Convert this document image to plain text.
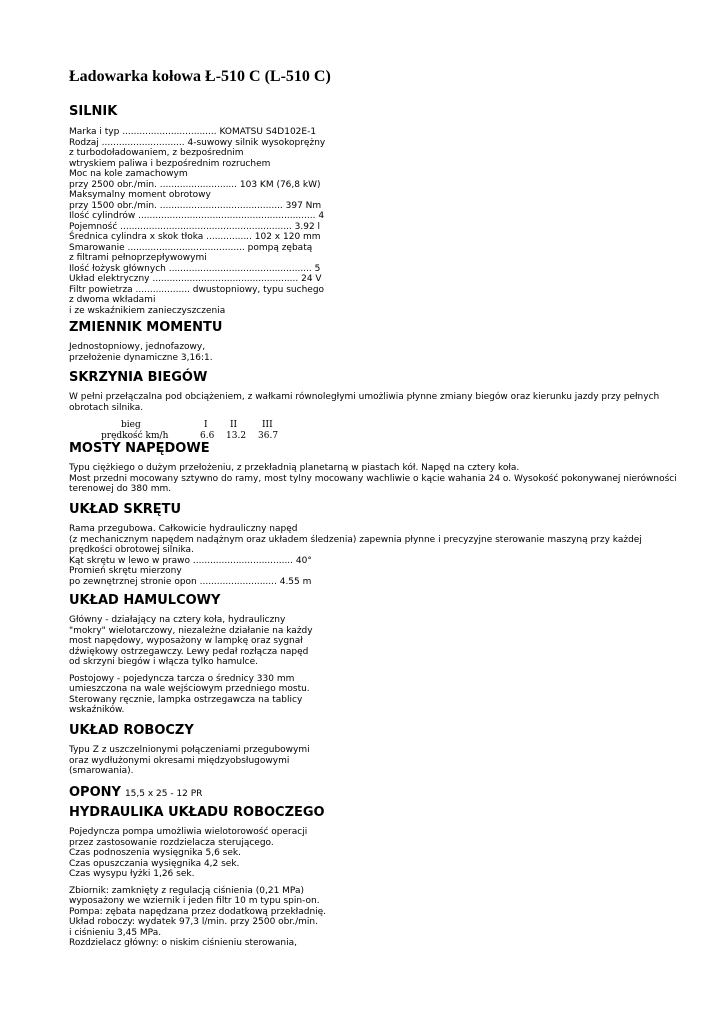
Ładowarka kołowa Ł-510 C (L-510 C)
SILNIK
Marka i typ ................................. KOMATSU S4D102E-1
Rodzaj ............................. 4-suwowy silnik wysokoprężny
z turbodoładowaniem, z bezpośrednim
wtryskiem paliwa i bezpośrednim rozruchem
Moc na kole zamachowym
przy 2500 obr./min. ........................... 103 KM (76,8 kW)
Maksymalny moment obrotowy
przy 1500 obr./min. ........................................... 397 Nm
Ilość cylindrów .............................................................. 4
Pojemność ............................................................ 3.92 l
Średnica cylindra x skok tłoka ................ 102 x 120 mm
Smarowanie ......................................... pompą zębatą
z filtrami pełnoprzepływowymi
Ilość łożysk głównych .................................................. 5
Układ elektryczny ................................................... 24 V
Filtr powietrza ................... dwustopniowy, typu suchego
z dwoma wkładami
i ze wskaźnikiem zanieczyszczenia
ZMIENNIK MOMENTU
Jednostopniowy, jednofazowy,
przełożenie dynamiczne 3,16:1.
SKRZYNIA BIEGÓW
W pełni przełączalna pod obciążeniem, z wałkami równoległymi umożliwia płynne zmiany biegów oraz kierunku jazdy przy pełnych
obrotach silnika.
bieg
prędkość km/h
I II	III
6.6 13.2 36.7
MOSTY NAPĘDOWE
Typu ciężkiego o dużym przełożeniu, z przekładnią planetarną w piastach kół. Napęd na cztery koła.
Most przedni mocowany sztywno do ramy, most tylny mocowany wachliwie o kącie wahania 24 o. Wysokość pokonywanej nierówności
terenowej do 380 mm.
UKŁAD SKRĘTU
Rama przegubowa. Całkowicie hydrauliczny napęd
(z mechanicznym napędem nadążnym oraz układem śledzenia) zapewnia płynne i precyzyjne sterowanie maszyną przy każdej
prędkości obrotowej silnika.
Kąt skrętu w lewo w prawo ................................... 40°
Promień skrętu mierzony
po zewnętrznej stronie opon ........................... 4.55 m
UKŁAD HAMULCOWY
Główny - działający na cztery koła, hydrauliczny
"mokry" wielotarczowy, niezależne działanie na każdy
most napędowy, wyposażony w lampkę oraz sygnał
dźwiękowy ostrzegawczy. Lewy pedał rozłącza napęd
od skrzyni biegów i włącza tylko hamulce.
Postojowy - pojedyncza tarcza o średnicy 330 mm
umieszczona na wale wejściowym przedniego mostu.
Sterowany ręcznie, lampka ostrzegawcza na tablicy
wskaźników.
UKŁAD ROBOCZY
Typu Z z uszczelnionymi połączeniami przegubowymi
oraz wydłużonymi okresami międzyobsługowymi
(smarowania).
OPONY 15,5 x 25 - 12 PR
HYDRAULIKA UKŁADU ROBOCZEGO
Pojedyncza pompa umożliwia wielotorowość operacji
przez zastosowanie rozdzielacza sterującego.
Czas podnoszenia wysięgnika 5,6 sek.
Czas opuszczania wysięgnika 4,2 sek.
Czas wysypu łyżki 1,26 sek.
Zbiornik: zamknięty z regulacją ciśnienia (0,21 MPa)
wyposażony we wziernik i jeden filtr 10 m typu spin-on.
Pompa: zębata napędzana przez dodatkową przekładnię.
Układ roboczy: wydatek 97,3 l/min. przy 2500 obr./min.
i ciśnieniu 3,45 MPa.
Rozdzielacz główny: o niskim ciśnieniu sterowania,
